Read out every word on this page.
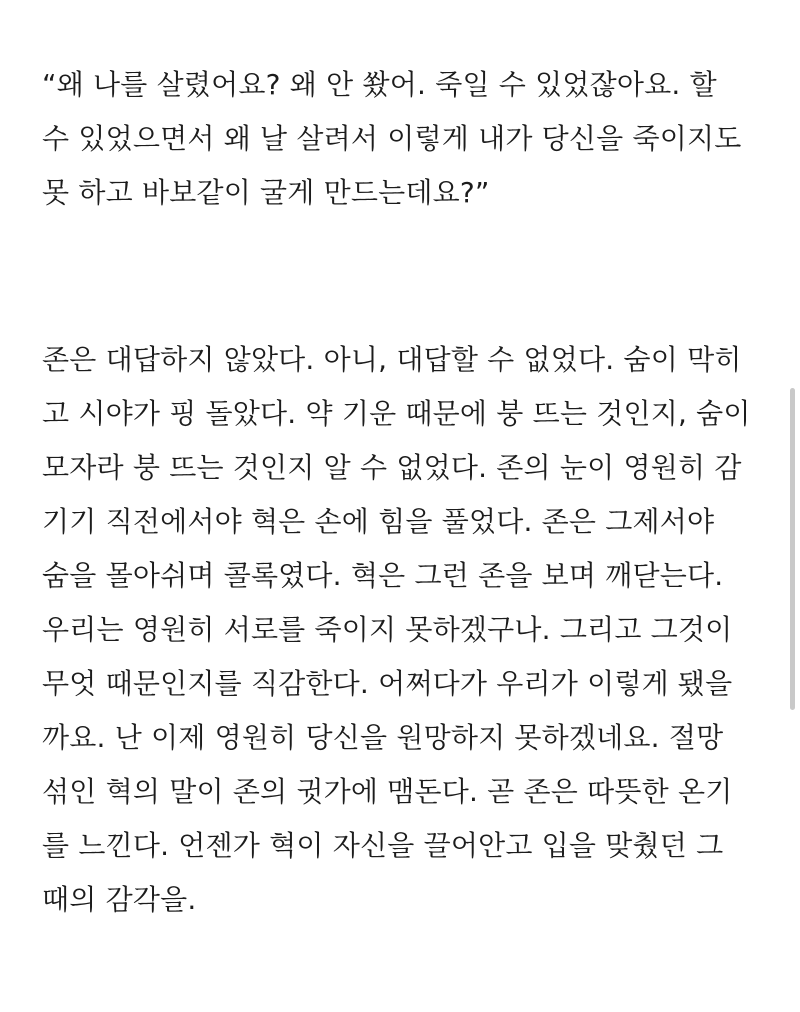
“왜 나를 살렸어요? 왜 안 쐈어. 죽일 수 있었잖아요. 할
수 있었으면서 왜 날 살려서 이렇게 내가 당신을 죽이지도
못 하고 바보같이 굴게 만드는데요?”

존은 대답하지 않았다. 아니, 대답할 수 없었다. 숨이 막히
고 시야가 핑 돌았다. 약 기운 때문에 붕 뜨는 것인지, 숨이
모자라 붕 뜨는 것인지 알 수 없었다. 존의 눈이 영원히 감
기기 직전에서야 혁은 손에 힘을 풀었다. 존은 그제서야
숨을 몰아쉬며 콜록였다. 혁은 그런 존을 보며 깨닫는다.
우리는 영원히 서로를 죽이지 못하겠구나. 그리고 그것이
무엇 때문인지를 직감한다. 어쩌다가 우리가 이렇게 됐을
까요. 난 이제 영원히 당신을 원망하지 못하겠네요. 절망
섞인 혁의 말이 존의 귓가에 맴돈다. 곧 존은 따뜻한 온기
를 느낀다. 언젠가 혁이 자신을 끌어안고 입을 맞췄던 그
때의 감각을.
